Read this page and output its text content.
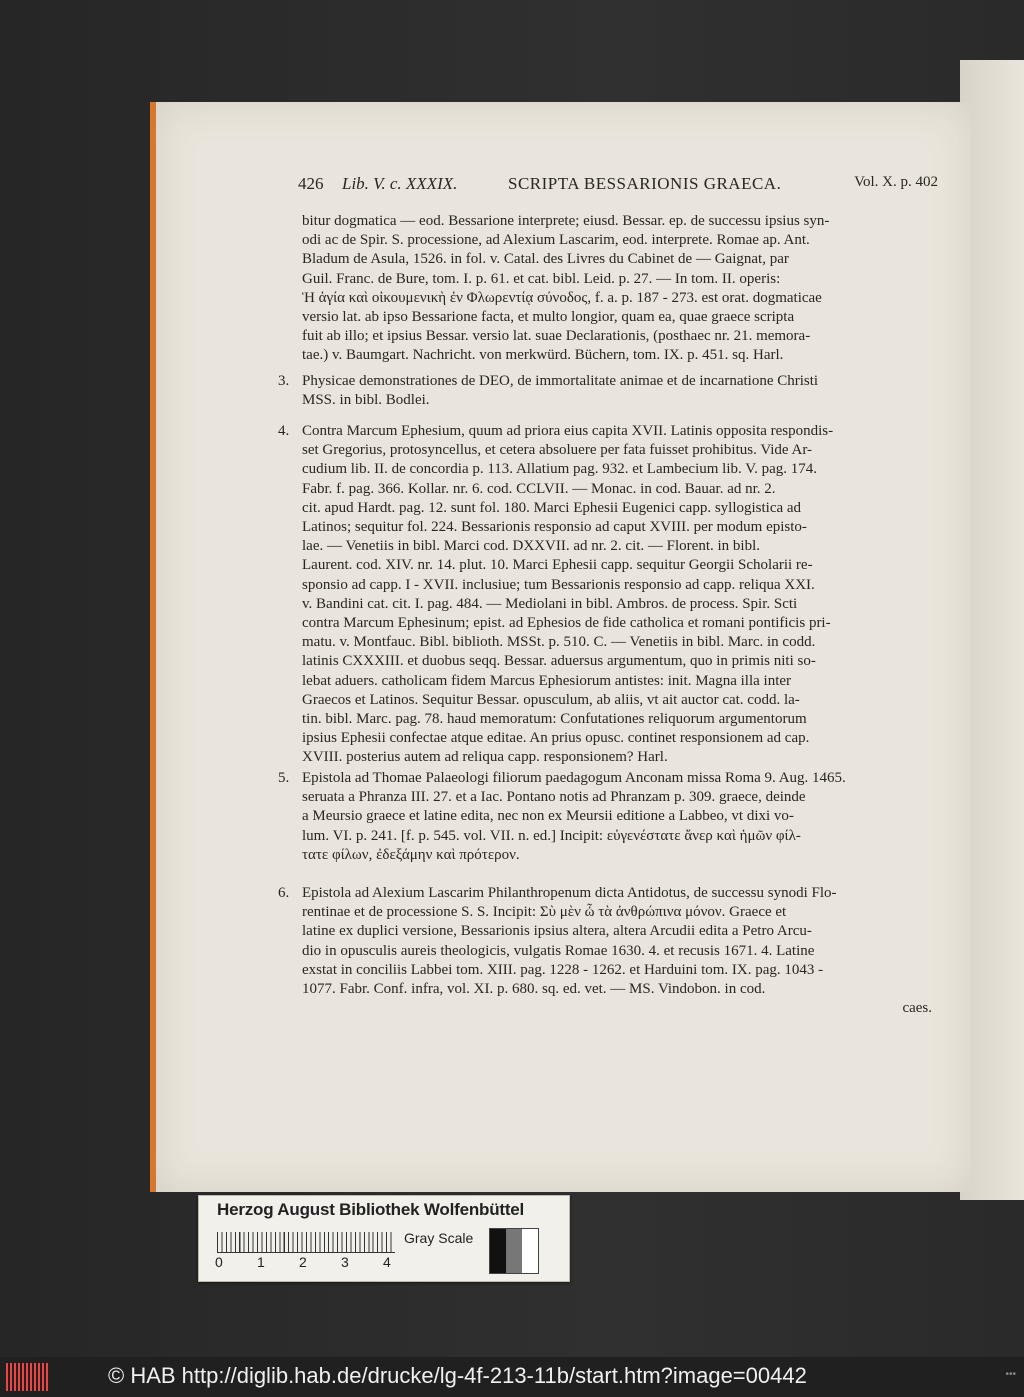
426 Lib. V. c. XXXIX.	SCRIPTA BESSARIONIS GRAECA.	Vol. X. p. 402
bitur dogmatica — eod. Bessarione interprete; eiusd. Bessar. ep. de successu ipsius syn-
odi ac de Spir. S. processione, ad Alexium Lascarim, eod. interprete. Romae ap. Ant.
Bladum de Asula, 1526. in fol. v. Catal. des Livres du Cabinet de — Gaignat, par
Guil. Franc. de Bure, tom. I. p. 61. et cat. bibl. Leid. p. 27. — In tom. II. operis:
Ἡ ἁγία καὶ οἰκουμενικὴ ἐν Φλωρεντίᾳ σύνοδος, f. a. p. 187 - 273. est orat. dogmaticae
versio lat. ab ipso Bessarione facta, et multo longior, quam ea, quae graece scripta
fuit ab illo; et ipsius Bessar. versio lat. suae Declarationis, (posthaec nr. 21. memora-
tae.) v. Baumgart. Nachricht. von merkwürd. Büchern, tom. IX. p. 451. sq. Harl.
3. Physicae demonstrationes de DEO, de immortalitate animae et de incarnatione Christi
MSS. in bibl. Bodlei.
4. Contra Marcum Ephesium, quum ad priora eius capita XVII. Latinis opposita respondis-
set Gregorius, protosyncellus, et cetera absoluere per fata fuisset prohibitus. Vide Ar-
cudium lib. II. de concordia p. 113. Allatium pag. 932. et Lambecium lib. V. pag. 174.
Fabr. f. pag. 366. Kollar. nr. 6. cod. CCLVII. — Monac. in cod. Bauar. ad nr. 2.
cit. apud Hardt. pag. 12. sunt fol. 180. Marci Ephesii Eugenici capp. syllogistica ad
Latinos; sequitur fol. 224. Bessarionis responsio ad caput XVIII. per modum episto-
lae. — Venetiis in bibl. Marci cod. DXXVII. ad nr. 2. cit. — Florent. in bibl.
Laurent. cod. XIV. nr. 14. plut. 10. Marci Ephesii capp. sequitur Georgii Scholarii re-
sponsio ad capp. I - XVII. inclusiue; tum Bessarionis responsio ad capp. reliqua XXI.
v. Bandini cat. cit. I. pag. 484. — Mediolani in bibl. Ambros. de process. Spir. Scti
contra Marcum Ephesinum; epist. ad Ephesios de fide catholica et romani pontificis pri-
matu. v. Montfauc. Bibl. biblioth. MSSt. p. 510. C. — Venetiis in bibl. Marc. in codd.
latinis CXXXIII. et duobus seqq. Bessar. aduersus argumentum, quo in primis niti so-
lebat aduers. catholicam fidem Marcus Ephesiorum antistes: init. Magna illa inter
Graecos et Latinos. Sequitur Bessar. opusculum, ab aliis, vt ait auctor cat. codd. la-
tin. bibl. Marc. pag. 78. haud memoratum: Confutationes reliquorum argumentorum
ipsius Ephesii confectae atque editae. An prius opusc. continet responsionem ad cap.
XVIII. posterius autem ad reliqua capp. responsionem? Harl.
5. Epistola ad Thomae Palaeologi filiorum paedagogum Anconam missa Roma 9. Aug. 1465.
seruata a Phranza III. 27. et a Iac. Pontano notis ad Phranzam p. 309. graece, deinde
a Meursio graece et latine edita, nec non ex Meursii editione a Labbeo, vt dixi vo-
lum. VI. p. 241. [f. p. 545. vol. VII. n. ed.] Incipit: εὐγενέστατε ἄνερ καὶ ἡμῶν φίλ-
τατε φίλων, ἐδεξάμην καὶ πρότερον.
6. Epistola ad Alexium Lascarim Philanthropenum dicta Antidotus, de successu synodi Flo-
rentinae et de processione S. S. Incipit: Σὺ μὲν ὦ τὰ ἀνθρώπινα μόνον. Graece et
latine ex duplici versione, Bessarionis ipsius altera, altera Arcudii edita a Petro Arcu-
dio in opusculis aureis theologicis, vulgatis Romae 1630. 4. et recusis 1671. 4. Latine
exstat in conciliis Labbei tom. XIII. pag. 1228 - 1262. et Harduini tom. IX. pag. 1043 -
1077. Fabr. Conf. infra, vol. XI. p. 680. sq. ed. vet. — MS. Vindobon. in cod.
caes.
Herzog August Bibliothek Wolfenbüttel
0 1 2 3 4
Gray Scale
© HAB http://diglib.hab.de/drucke/lg-4f-213-11b/start.htm?image=00442	•••
